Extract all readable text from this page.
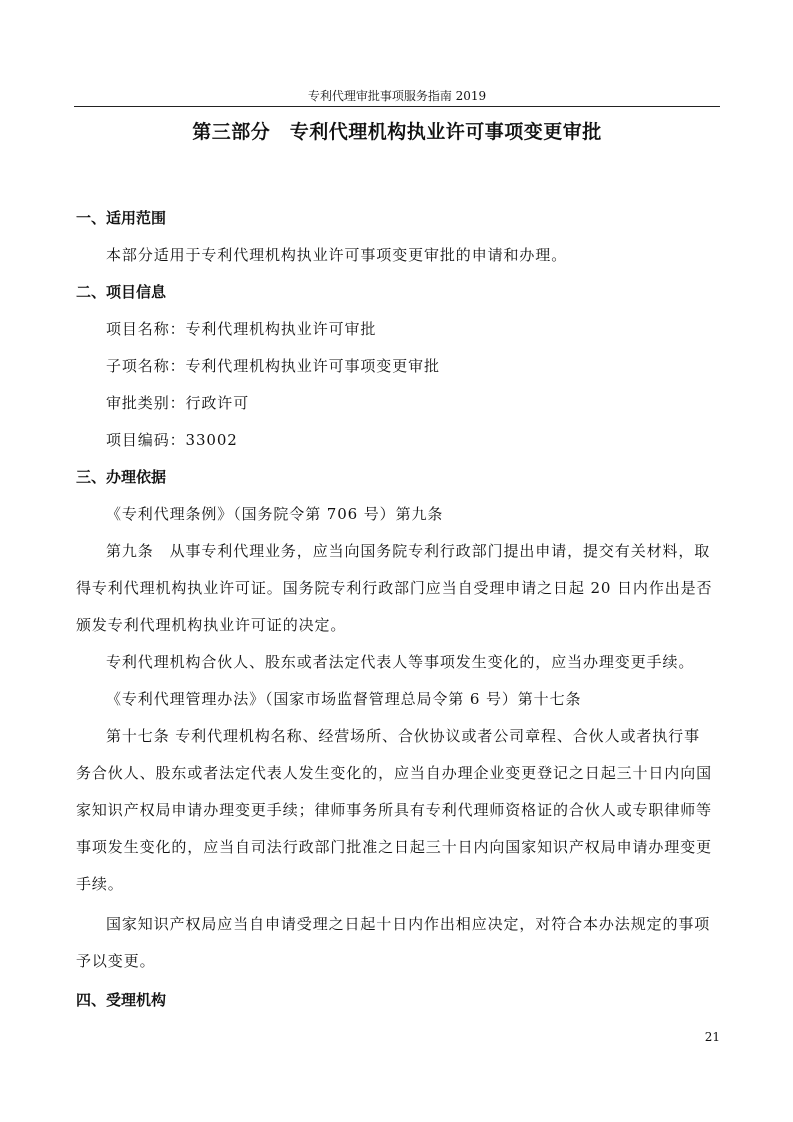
专利代理审批事项服务指南 2019
第三部分　专利代理机构执业许可事项变更审批
一、适用范围
本部分适用于专利代理机构执业许可事项变更审批的申请和办理。
二、项目信息
项目名称：专利代理机构执业许可审批
子项名称：专利代理机构执业许可事项变更审批
审批类别：行政许可
项目编码：33002
三、办理依据
《专利代理条例》（国务院令第 706 号）第九条
第九条　从事专利代理业务，应当向国务院专利行政部门提出申请，提交有关材料，取
得专利代理机构执业许可证。国务院专利行政部门应当自受理申请之日起 20 日内作出是否
颁发专利代理机构执业许可证的决定。
专利代理机构合伙人、股东或者法定代表人等事项发生变化的，应当办理变更手续。
《专利代理管理办法》（国家市场监督管理总局令第 6 号）第十七条
第十七条 专利代理机构名称、经营场所、合伙协议或者公司章程、合伙人或者执行事
务合伙人、股东或者法定代表人发生变化的，应当自办理企业变更登记之日起三十日内向国
家知识产权局申请办理变更手续；律师事务所具有专利代理师资格证的合伙人或专职律师等
事项发生变化的，应当自司法行政部门批准之日起三十日内向国家知识产权局申请办理变更
手续。
国家知识产权局应当自申请受理之日起十日内作出相应决定，对符合本办法规定的事项
予以变更。
四、受理机构
21
